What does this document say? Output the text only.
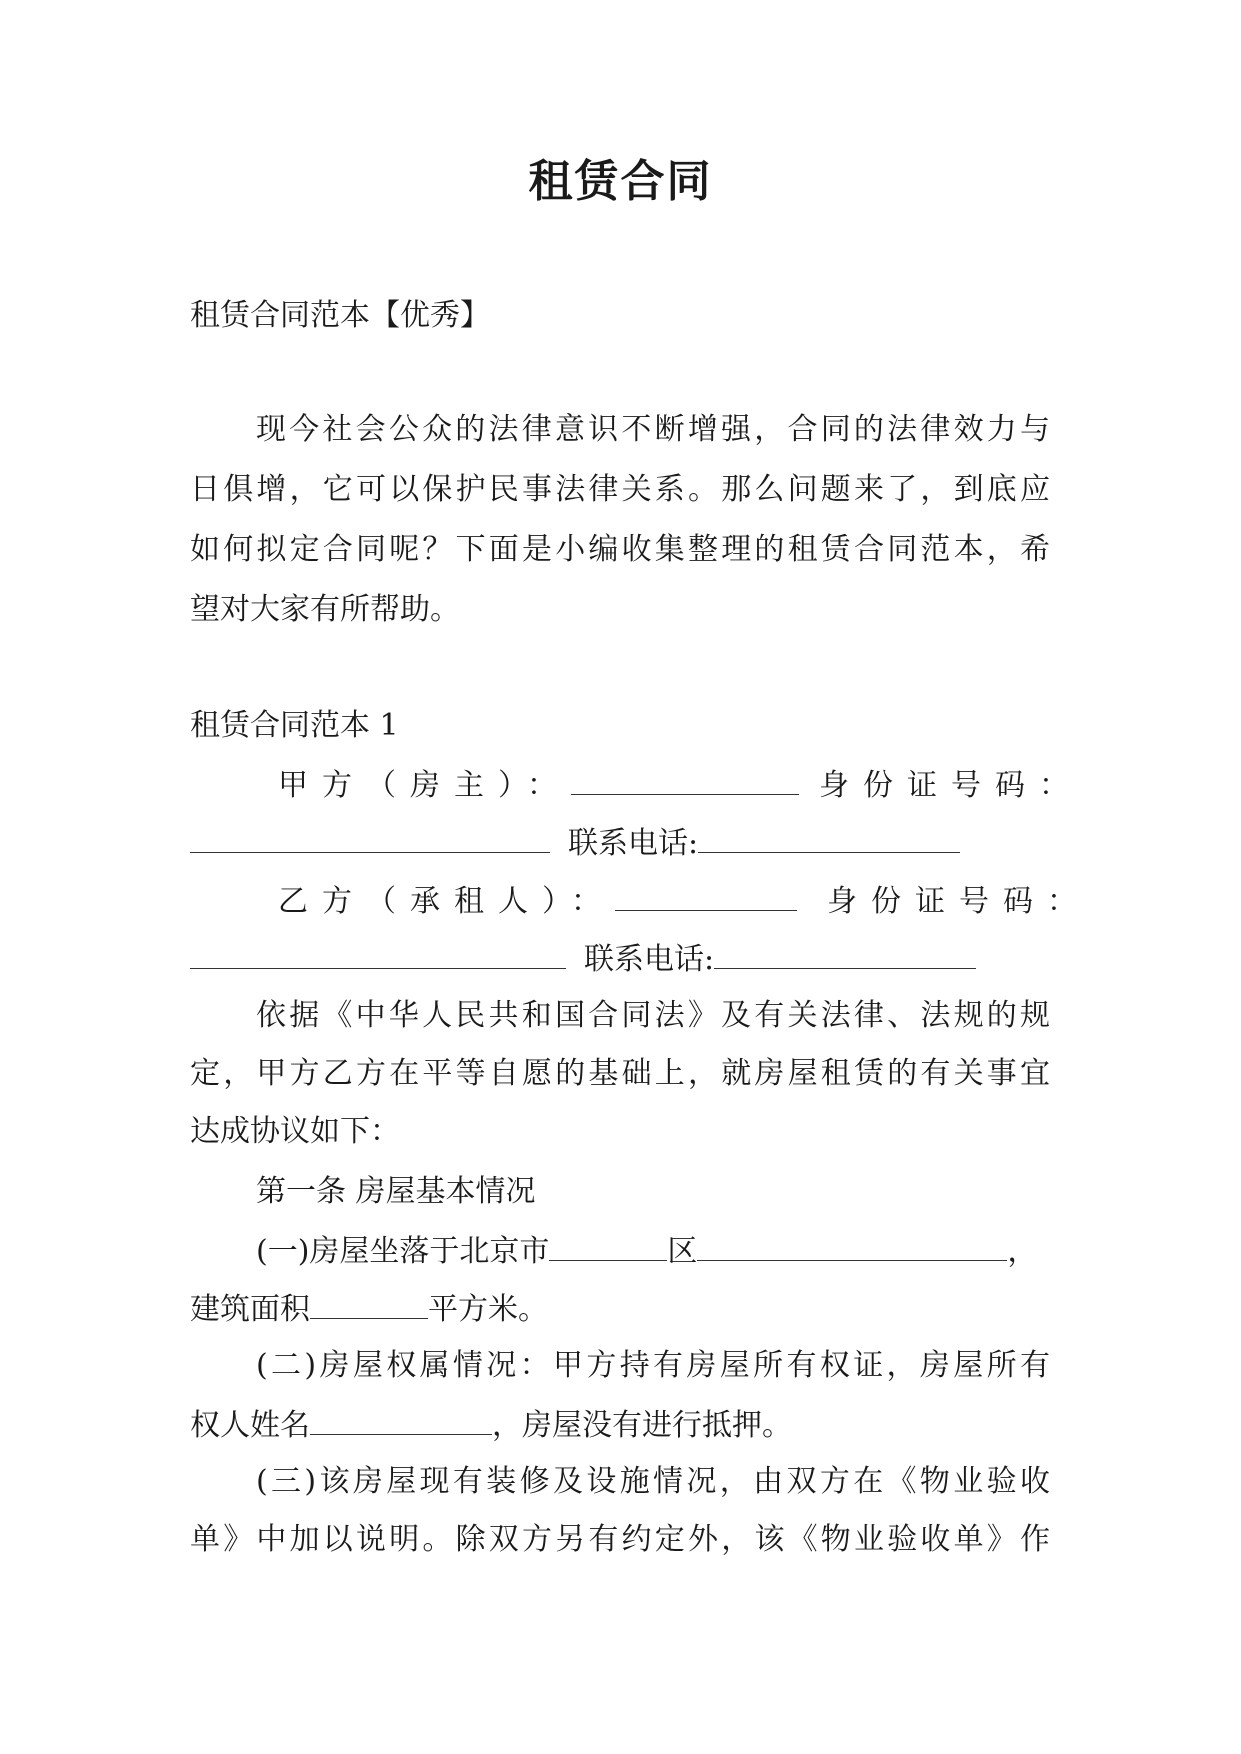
租赁合同
租赁合同范本【优秀】
现今社会公众的法律意识不断增强，合同的法律效力与
日俱增，它可以保护民事法律关系。那么问题来了，到底应
如何拟定合同呢？下面是小编收集整理的租赁合同范本，希
望对大家有所帮助。
租赁合同范本 1
甲方（房主）：	身份证号码：
联系电话:
乙方（承租人）：	身份证号码：
联系电话:
依据《中华人民共和国合同法》及有关法律、法规的规
定，甲方乙方在平等自愿的基础上，就房屋租赁的有关事宜
达成协议如下：
第一条 房屋基本情况
(一)房屋坐落于北京市	区	，
建筑面积	平方米。
(二)房屋权属情况：甲方持有房屋所有权证，房屋所有
权人姓名	，房屋没有进行抵押。
(三)该房屋现有装修及设施情况，由双方在《物业验收
单》中加以说明。除双方另有约定外，该《物业验收单》作
